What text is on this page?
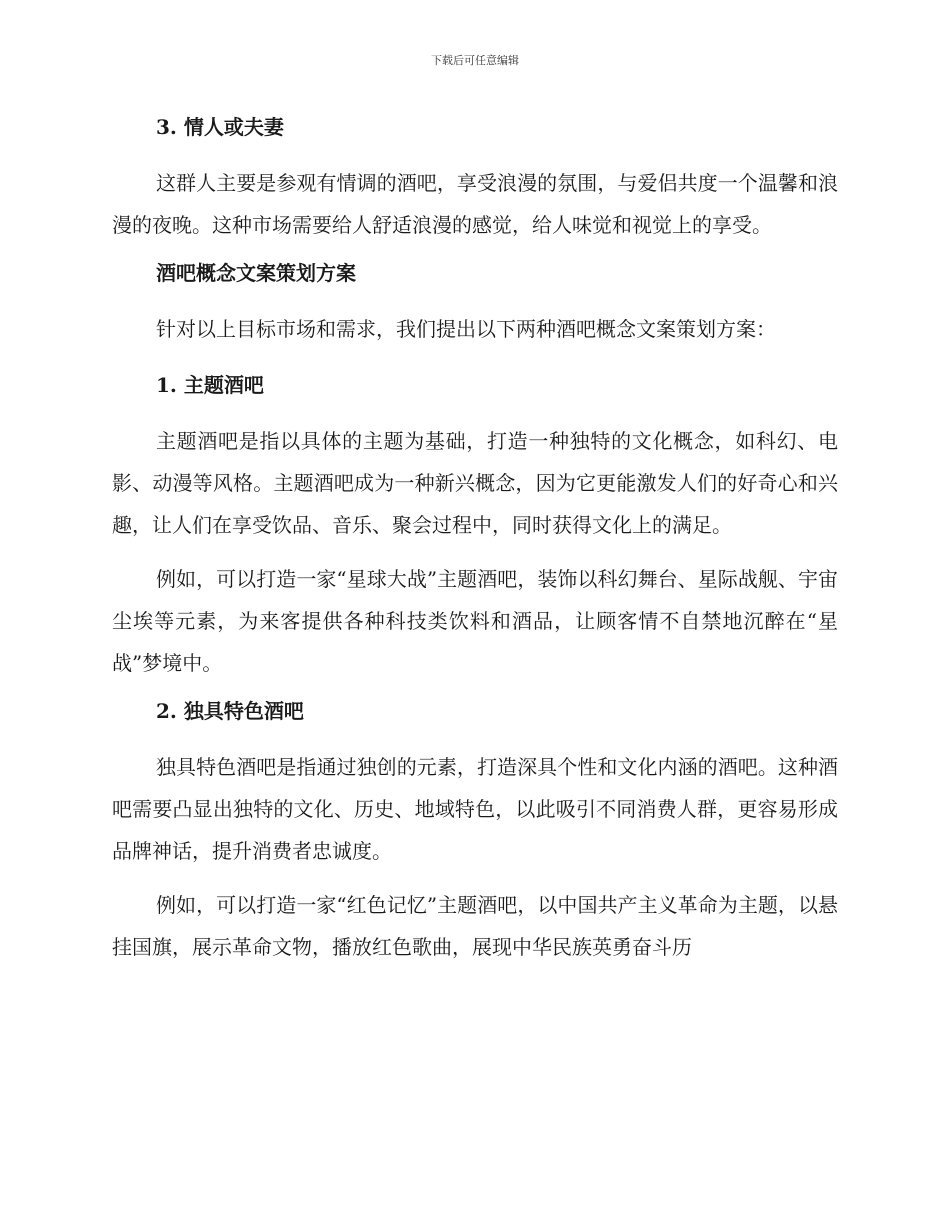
下载后可任意编辑
3. 情人或夫妻
这群人主要是参观有情调的酒吧，享受浪漫的氛围，与爱侣共度一个温馨和浪漫的夜晚。这种市场需要给人舒适浪漫的感觉，给人味觉和视觉上的享受。
酒吧概念文案策划方案
针对以上目标市场和需求，我们提出以下两种酒吧概念文案策划方案：
1. 主题酒吧
主题酒吧是指以具体的主题为基础，打造一种独特的文化概念，如科幻、电影、动漫等风格。主题酒吧成为一种新兴概念，因为它更能激发人们的好奇心和兴趣，让人们在享受饮品、音乐、聚会过程中，同时获得文化上的满足。
例如，可以打造一家“星球大战”主题酒吧，装饰以科幻舞台、星际战舰、宇宙尘埃等元素，为来客提供各种科技类饮料和酒品，让顾客情不自禁地沉醉在“星战”梦境中。
2. 独具特色酒吧
独具特色酒吧是指通过独创的元素，打造深具个性和文化内涵的酒吧。这种酒吧需要凸显出独特的文化、历史、地域特色，以此吸引不同消费人群，更容易形成品牌神话，提升消费者忠诚度。
例如，可以打造一家“红色记忆”主题酒吧，以中国共产主义革命为主题，以悬挂国旗，展示革命文物，播放红色歌曲，展现中华民族英勇奋斗历
